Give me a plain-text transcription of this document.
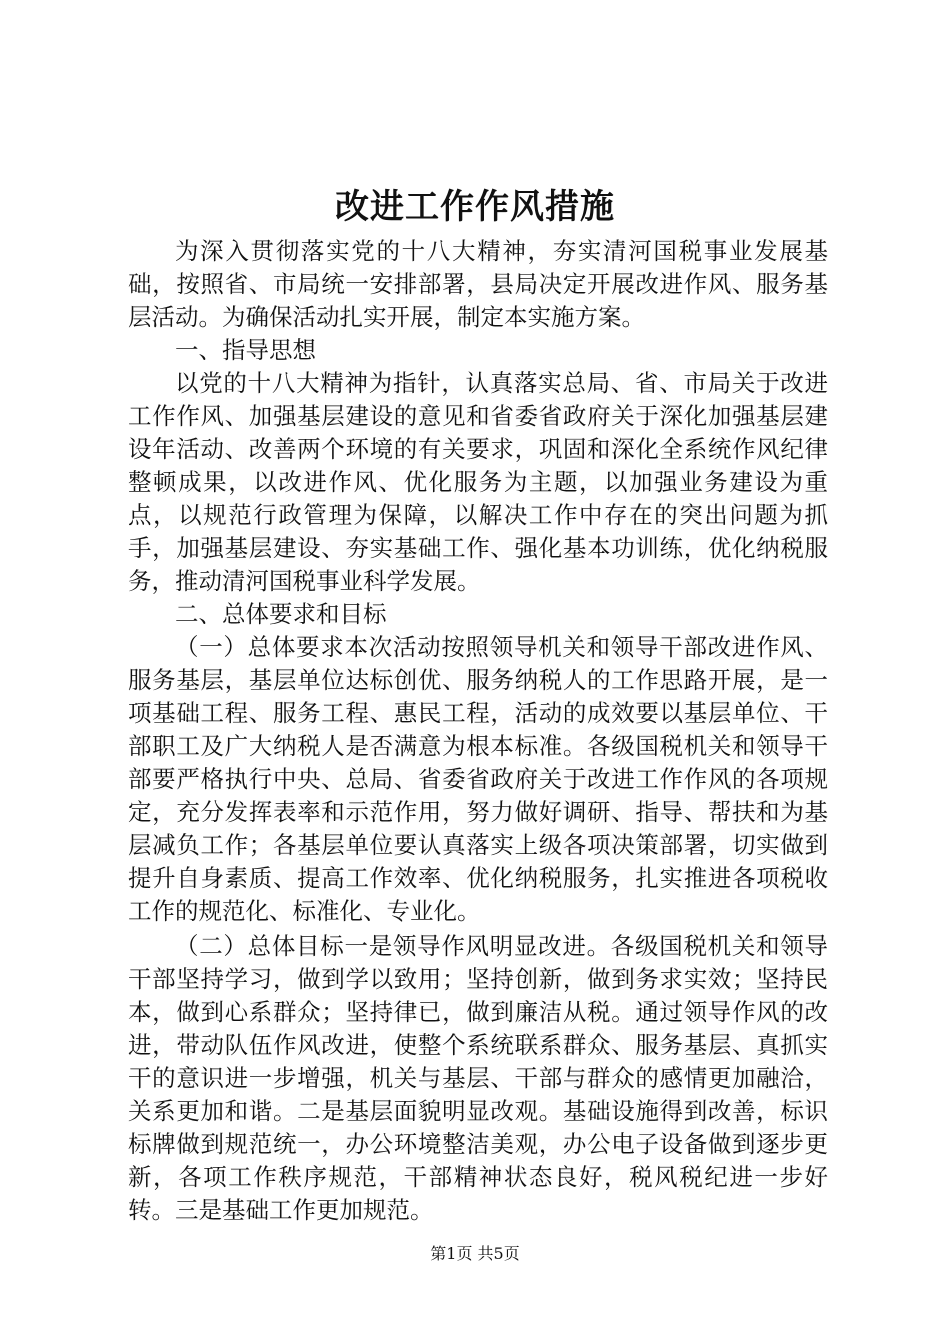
改进工作作风措施

为深入贯彻落实党的十八大精神，夯实清河国税事业发展基础，按照省、市局统一安排部署，县局决定开展改进作风、服务基层活动。为确保活动扎实开展，制定本实施方案。

一、指导思想

以党的十八大精神为指针，认真落实总局、省、市局关于改进工作作风、加强基层建设的意见和省委省政府关于深化加强基层建设年活动、改善两个环境的有关要求，巩固和深化全系统作风纪律整顿成果，以改进作风、优化服务为主题，以加强业务建设为重点，以规范行政管理为保障，以解决工作中存在的突出问题为抓手，加强基层建设、夯实基础工作、强化基本功训练，优化纳税服务，推动清河国税事业科学发展。

二、总体要求和目标

（一）总体要求本次活动按照领导机关和领导干部改进作风、服务基层，基层单位达标创优、服务纳税人的工作思路开展，是一项基础工程、服务工程、惠民工程，活动的成效要以基层单位、干部职工及广大纳税人是否满意为根本标准。各级国税机关和领导干部要严格执行中央、总局、省委省政府关于改进工作作风的各项规定，充分发挥表率和示范作用，努力做好调研、指导、帮扶和为基层减负工作；各基层单位要认真落实上级各项决策部署，切实做到提升自身素质、提高工作效率、优化纳税服务，扎实推进各项税收工作的规范化、标准化、专业化。

（二）总体目标一是领导作风明显改进。各级国税机关和领导干部坚持学习，做到学以致用；坚持创新，做到务求实效；坚持民本，做到心系群众；坚持律已，做到廉洁从税。通过领导作风的改进，带动队伍作风改进，使整个系统联系群众、服务基层、真抓实干的意识进一步增强，机关与基层、干部与群众的感情更加融洽，关系更加和谐。二是基层面貌明显改观。基础设施得到改善，标识标牌做到规范统一，办公环境整洁美观，办公电子设备做到逐步更新，各项工作秩序规范，干部精神状态良好，税风税纪进一步好转。三是基础工作更加规范。

第1页 共5页
